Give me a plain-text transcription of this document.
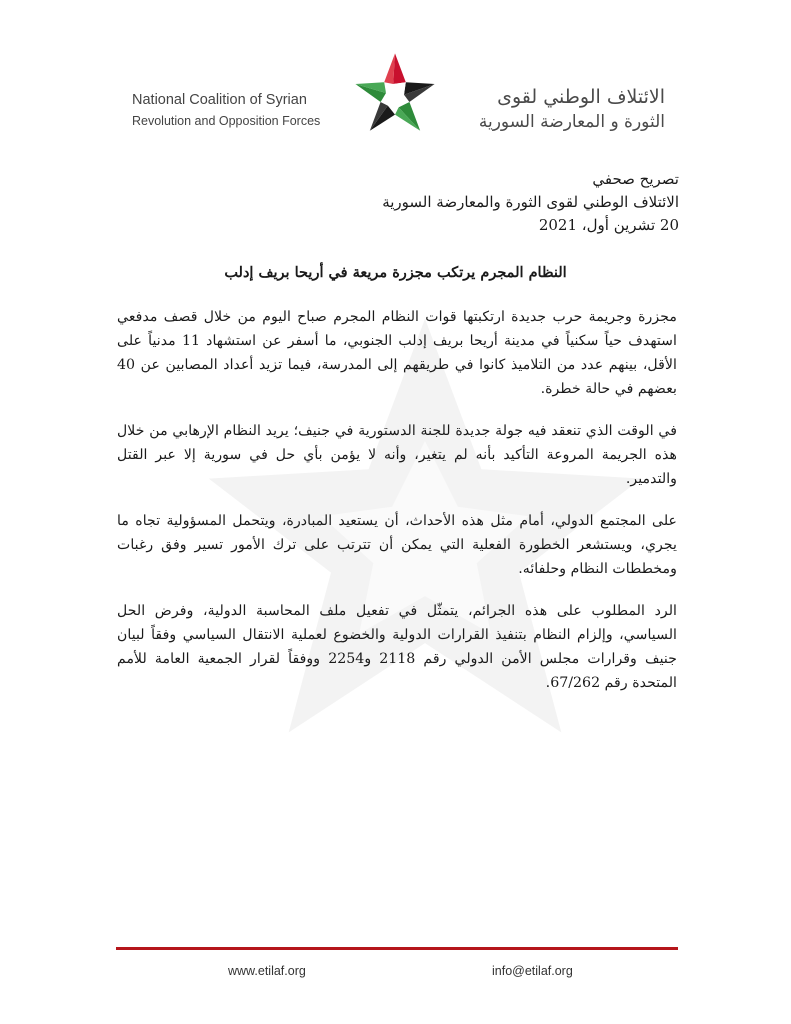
National Coalition of Syrian
Revolution and Opposition Forces
الائتلاف الوطني لقوى
الثورة و المعارضة السورية
تصريح صحفي
الائتلاف الوطني لقوى الثورة والمعارضة السورية
20 تشرين أول، 2021
النظام المجرم يرتكب مجزرة مريعة في أريحا بريف إدلب

مجزرة وجريمة حرب جديدة ارتكبتها قوات النظام المجرم صباح اليوم من خلال قصف مدفعي استهدف حياً سكنياً في مدينة أريحا بريف إدلب الجنوبي، ما أسفر عن استشهاد 11 مدنياً على الأقل، بينهم عدد من التلاميذ كانوا في طريقهم إلى المدرسة، فيما تزيد أعداد المصابين عن 40 بعضهم في حالة خطرة.

في الوقت الذي تنعقد فيه جولة جديدة للجنة الدستورية في جنيف؛ يريد النظام الإرهابي من خلال هذه الجريمة المروعة التأكيد بأنه لم يتغير، وأنه لا يؤمن بأي حل في سورية إلا عبر القتل والتدمير.

على المجتمع الدولي، أمام مثل هذه الأحداث، أن يستعيد المبادرة، ويتحمل المسؤولية تجاه ما يجري، ويستشعر الخطورة الفعلية التي يمكن أن تترتب على ترك الأمور تسير وفق رغبات ومخططات النظام وحلفائه.

الرد المطلوب على هذه الجرائم، يتمثّل في تفعيل ملف المحاسبة الدولية، وفرض الحل السياسي، وإلزام النظام بتنفيذ القرارات الدولية والخضوع لعملية الانتقال السياسي وفقاً لبيان جنيف وقرارات مجلس الأمن الدولي رقم 2118 و2254 ووفقاً لقرار الجمعية العامة للأمم المتحدة رقم 67/262.

www.etilaf.org	info@etilaf.org
